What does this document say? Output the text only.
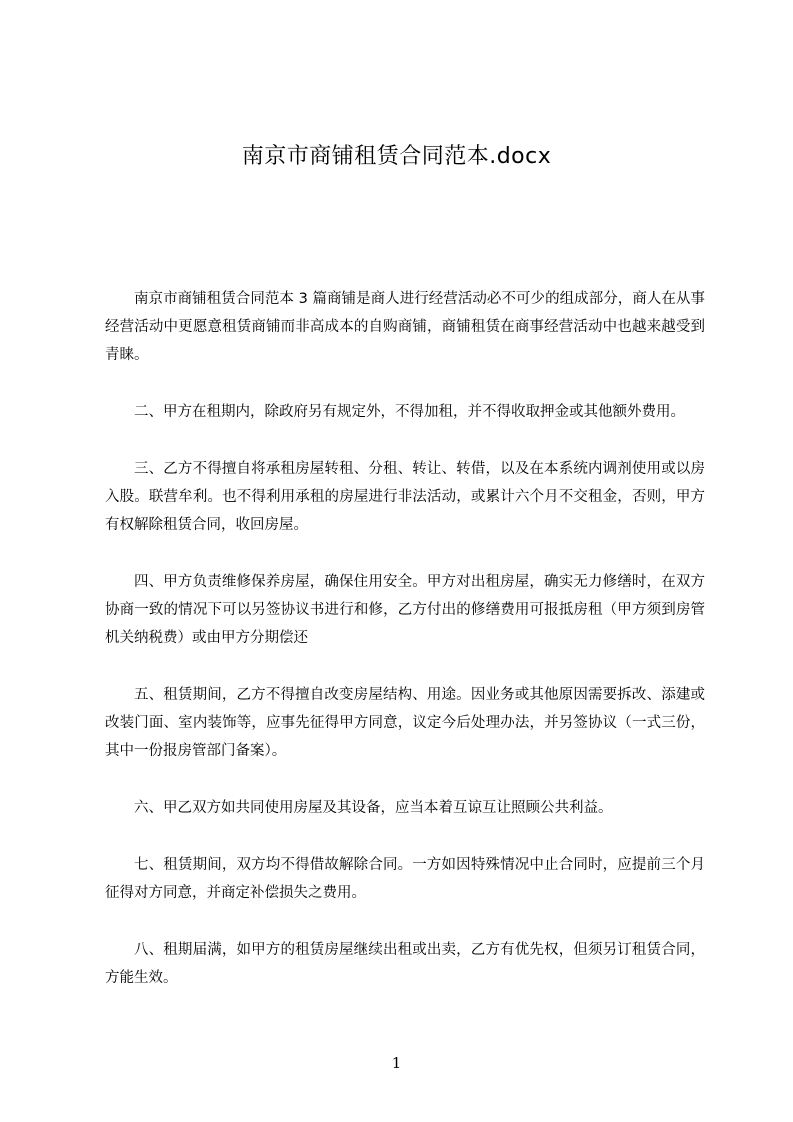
南京市商铺租赁合同范本.docx

南京市商铺租赁合同范本 3 篇商铺是商人进行经营活动必不可少的组成部分，商人在从事经营活动中更愿意租赁商铺而非高成本的自购商铺，商铺租赁在商事经营活动中也越来越受到青睐。

二、甲方在租期内，除政府另有规定外，不得加租，并不得收取押金或其他额外费用。

三、乙方不得擅自将承租房屋转租、分租、转让、转借，以及在本系统内调剂使用或以房入股。联营牟利。也不得利用承租的房屋进行非法活动，或累计六个月不交租金，否则，甲方有权解除租赁合同，收回房屋。

四、甲方负责维修保养房屋，确保住用安全。甲方对出租房屋，确实无力修缮时，在双方协商一致的情况下可以另签协议书进行和修，乙方付出的修缮费用可报抵房租（甲方须到房管机关纳税费）或由甲方分期偿还

五、租赁期间，乙方不得擅自改变房屋结构、用途。因业务或其他原因需要拆改、添建或改装门面、室内装饰等，应事先征得甲方同意，议定今后处理办法，并另签协议（一式三份，其中一份报房管部门备案）。

六、甲乙双方如共同使用房屋及其设备，应当本着互谅互让照顾公共利益。

七、租赁期间，双方均不得借故解除合同。一方如因特殊情况中止合同时，应提前三个月征得对方同意，并商定补偿损失之费用。

八、租期届满，如甲方的租赁房屋继续出租或出卖，乙方有优先权，但须另订租赁合同，方能生效。

1
